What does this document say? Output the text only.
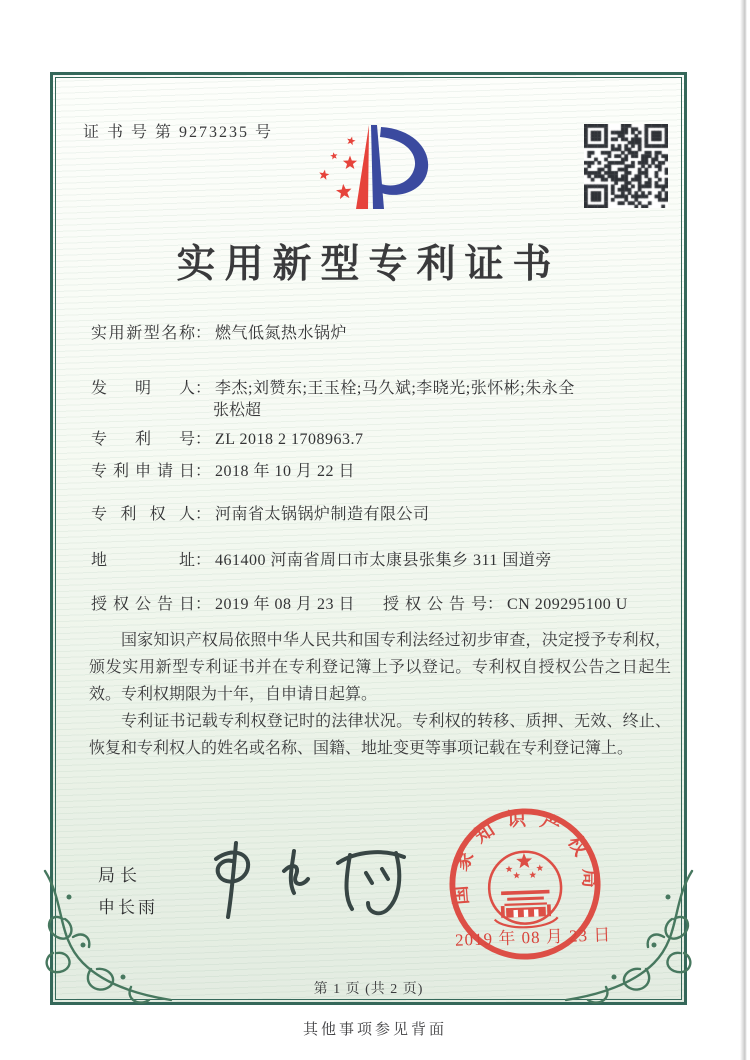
证 书 号 第 9273235 号
实用新型专利证书
实用新型名称： 燃气低氮热水锅炉
发明人： 李杰;刘赞东;王玉栓;马久斌;李晓光;张怀彬;朱永全
张松超
专利号： ZL 2018 2 1708963.7
专利申请日： 2018 年 10 月 22 日
专利权人： 河南省太锅锅炉制造有限公司
地址： 461400 河南省周口市太康县张集乡 311 国道旁
授权公告日： 2019 年 08 月 23 日 授权公告号： CN 209295100 U

国家知识产权局依照中华人民共和国专利法经过初步审查，决定授予专利权，颁发实用新型专利证书并在专利登记簿上予以登记。专利权自授权公告之日起生效。专利权期限为十年，自申请日起算。

专利证书记载专利权登记时的法律状况。专利权的转移、质押、无效、终止、恢复和专利权人的姓名或名称、国籍、地址变更等事项记载在专利登记簿上。

局长
申长雨
国家知识产权局
2019 年 08 月 23 日
第 1 页 (共 2 页)
其他事项参见背面
